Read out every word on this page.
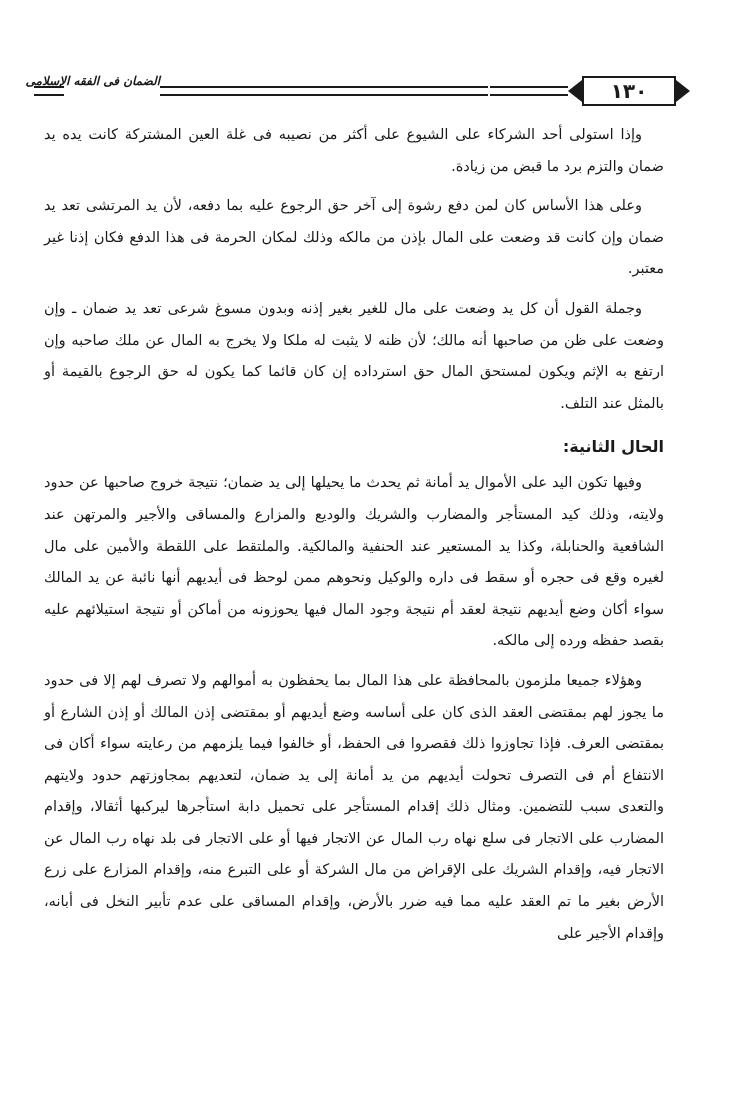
الضمان فى الفقه الإسلامى	١٣٠

وإذا استولى أحد الشركاء على الشيوع على أكثر من نصيبه فى غلة العين المشتركة كانت يده يد ضمان والتزم برد ما قبض من زيادة.

وعلى هذا الأساس كان لمن دفع رشوة إلى آخر حق الرجوع عليه بما دفعه، لأن يد المرتشى تعد يد ضمان وإن كانت قد وضعت على المال بإذن من مالكه وذلك لمكان الحرمة فى هذا الدفع فكان إذنا غير معتبر.

وجملة القول أن كل يد وضعت على مال للغير بغير إذنه وبدون مسوغ شرعى تعد يد ضمان ـ وإن وضعت على ظن من صاحبها أنه مالك؛ لأن ظنه لا يثبت له ملكا ولا يخرج به المال عن ملك صاحبه وإن ارتفع به الإثم ويكون لمستحق المال حق استرداده إن كان قائما كما يكون له حق الرجوع بالقيمة أو بالمثل عند التلف.

الحال الثانية:

وفيها تكون اليد على الأموال يد أمانة ثم يحدث ما يحيلها إلى يد ضمان؛ نتيجة خروج صاحبها عن حدود ولايته، وذلك كيد المستأجر والمضارب والشريك والوديع والمزارع والمساقى والأجير والمرتهن عند الشافعية والحنابلة، وكذا يد المستعير عند الحنفية والمالكية. والملتقط على اللقطة والأمين على مال لغيره وقع فى حجره أو سقط فى داره والوكيل ونحوهم ممن لوحظ فى أيديهم أنها نائبة عن يد المالك سواء أكان وضع أيديهم نتيجة لعقد أم نتيجة وجود المال فيها يحوزونه من أماكن أو نتيجة استيلائهم عليه بقصد حفظه ورده إلى مالكه.

وهؤلاء جميعا ملزمون بالمحافظة على هذا المال بما يحفظون به أموالهم ولا تصرف لهم إلا فى حدود ما يجوز لهم بمقتضى العقد الذى كان على أساسه وضع أيديهم أو بمقتضى إذن المالك أو إذن الشارع أو بمقتضى العرف. فإذا تجاوزوا ذلك فقصروا فى الحفظ، أو خالفوا فيما يلزمهم من رعايته سواء أكان فى الانتفاع أم فى التصرف تحولت أيديهم من يد أمانة إلى يد ضمان، لتعديهم بمجاوزتهم حدود ولايتهم والتعدى سبب للتضمين. ومثال ذلك إقدام المستأجر على تحميل دابة استأجرها ليركبها أثقالا، وإقدام المضارب على الاتجار فى سلع نهاه رب المال عن الاتجار فيها أو على الاتجار فى بلد نهاه رب المال عن الاتجار فيه، وإقدام الشريك على الإقراض من مال الشركة أو على التبرع منه، وإقدام المزارع على زرع الأرض بغير ما تم العقد عليه مما فيه ضرر بالأرض، وإقدام المساقى على عدم تأبير النخل فى أبانه، وإقدام الأجير على
